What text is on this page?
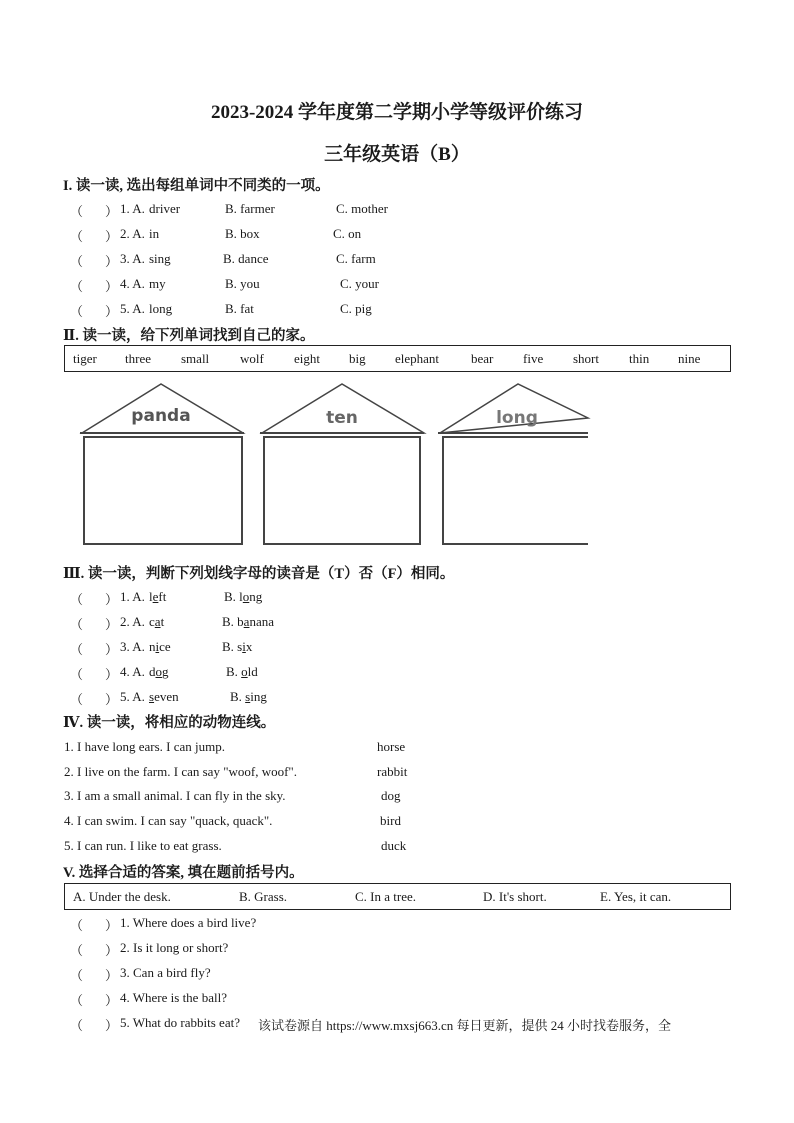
2023-2024 学年度第二学期小学等级评价练习
三年级英语（B）
I. 读一读, 选出每组单词中不同类的一项。
（ ） 1. A. driver	B. farmer	C. mother
（ ） 2. A. in	B. box	C. on
（ ） 3. A. sing	B. dance	C. farm
（ ） 4. A. my	B. you	C. your
（ ） 5. A. long	B. fat	C. pig
Ⅱ. 读一读，给下列单词找到自己的家。
tiger three small wolf eight big elephant bear five short thin nine
panda	ten	long
Ⅲ. 读一读，判断下列划线字母的读音是（T）否（F）相同。
（ ） 1. A. left	B. long
（ ） 2. A. cat	B. banana
（ ） 3. A. nice	B. six
（ ） 4. A. dog	B. old
（ ） 5. A. seven	B. sing
Ⅳ. 读一读，将相应的动物连线。
1. I have long ears. I can jump.	horse
2. I live on the farm. I can say "woof, woof".	rabbit
3. I am a small animal. I can fly in the sky.	dog
4. I can swim. I can say "quack, quack".	bird
5. I can run. I like to eat grass.	duck
V. 选择合适的答案, 填在题前括号内。
A. Under the desk.	B. Grass.	C. In a tree.	D. It's short.	E. Yes, it can.
（ ） 1. Where does a bird live?
（ ） 2. Is it long or short?
（ ） 3. Can a bird fly?
（ ） 4. Where is the ball?
（ ） 5. What do rabbits eat? 该试卷源自 https://www.mxsj663.cn 每日更新，提供 24 小时找卷服务，全
